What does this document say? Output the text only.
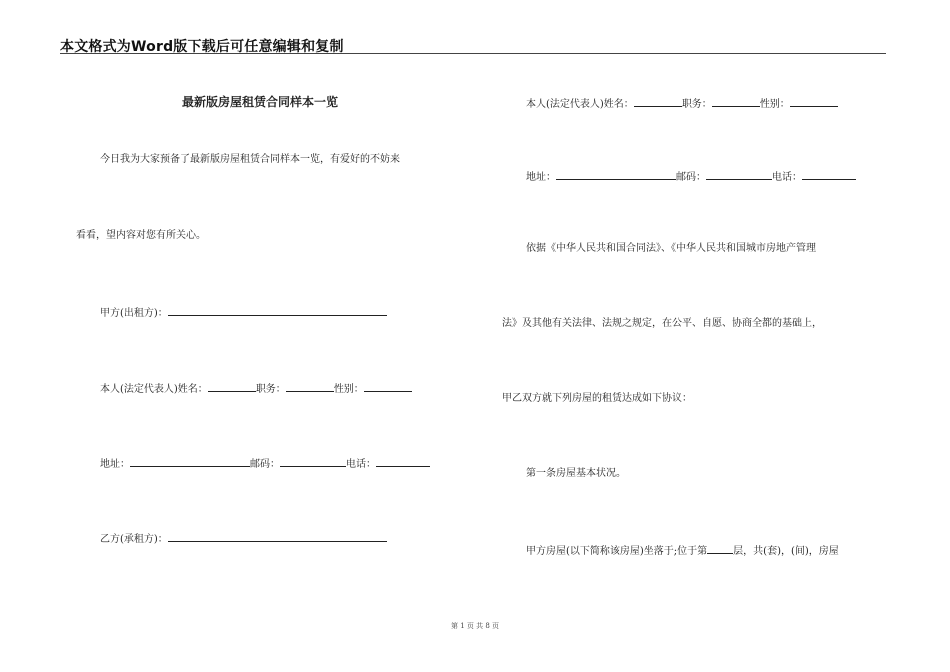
本文格式为Word版下载后可任意编辑和复制
最新版房屋租赁合同样本一览
今日我为大家预备了最新版房屋租赁合同样本一览，有爱好的不妨来
看看，望内容对您有所关心。
甲方(出租方)：
本人(法定代表人)姓名：	职务：	性别：
地址：	邮码：	电话：
乙方(承租方)：
本人(法定代表人)姓名：	职务：	性别：
地址：	邮码：	电话：
依据《中华人民共和国合同法》、《中华人民共和国城市房地产管理
法》及其他有关法律、法规之规定，在公平、自愿、协商全都的基础上，
甲乙双方就下列房屋的租赁达成如下协议：
第一条房屋基本状况。
甲方房屋(以下简称该房屋)坐落于;位于第	层，共(套)，(间)，房屋
第 1 页 共 8 页
